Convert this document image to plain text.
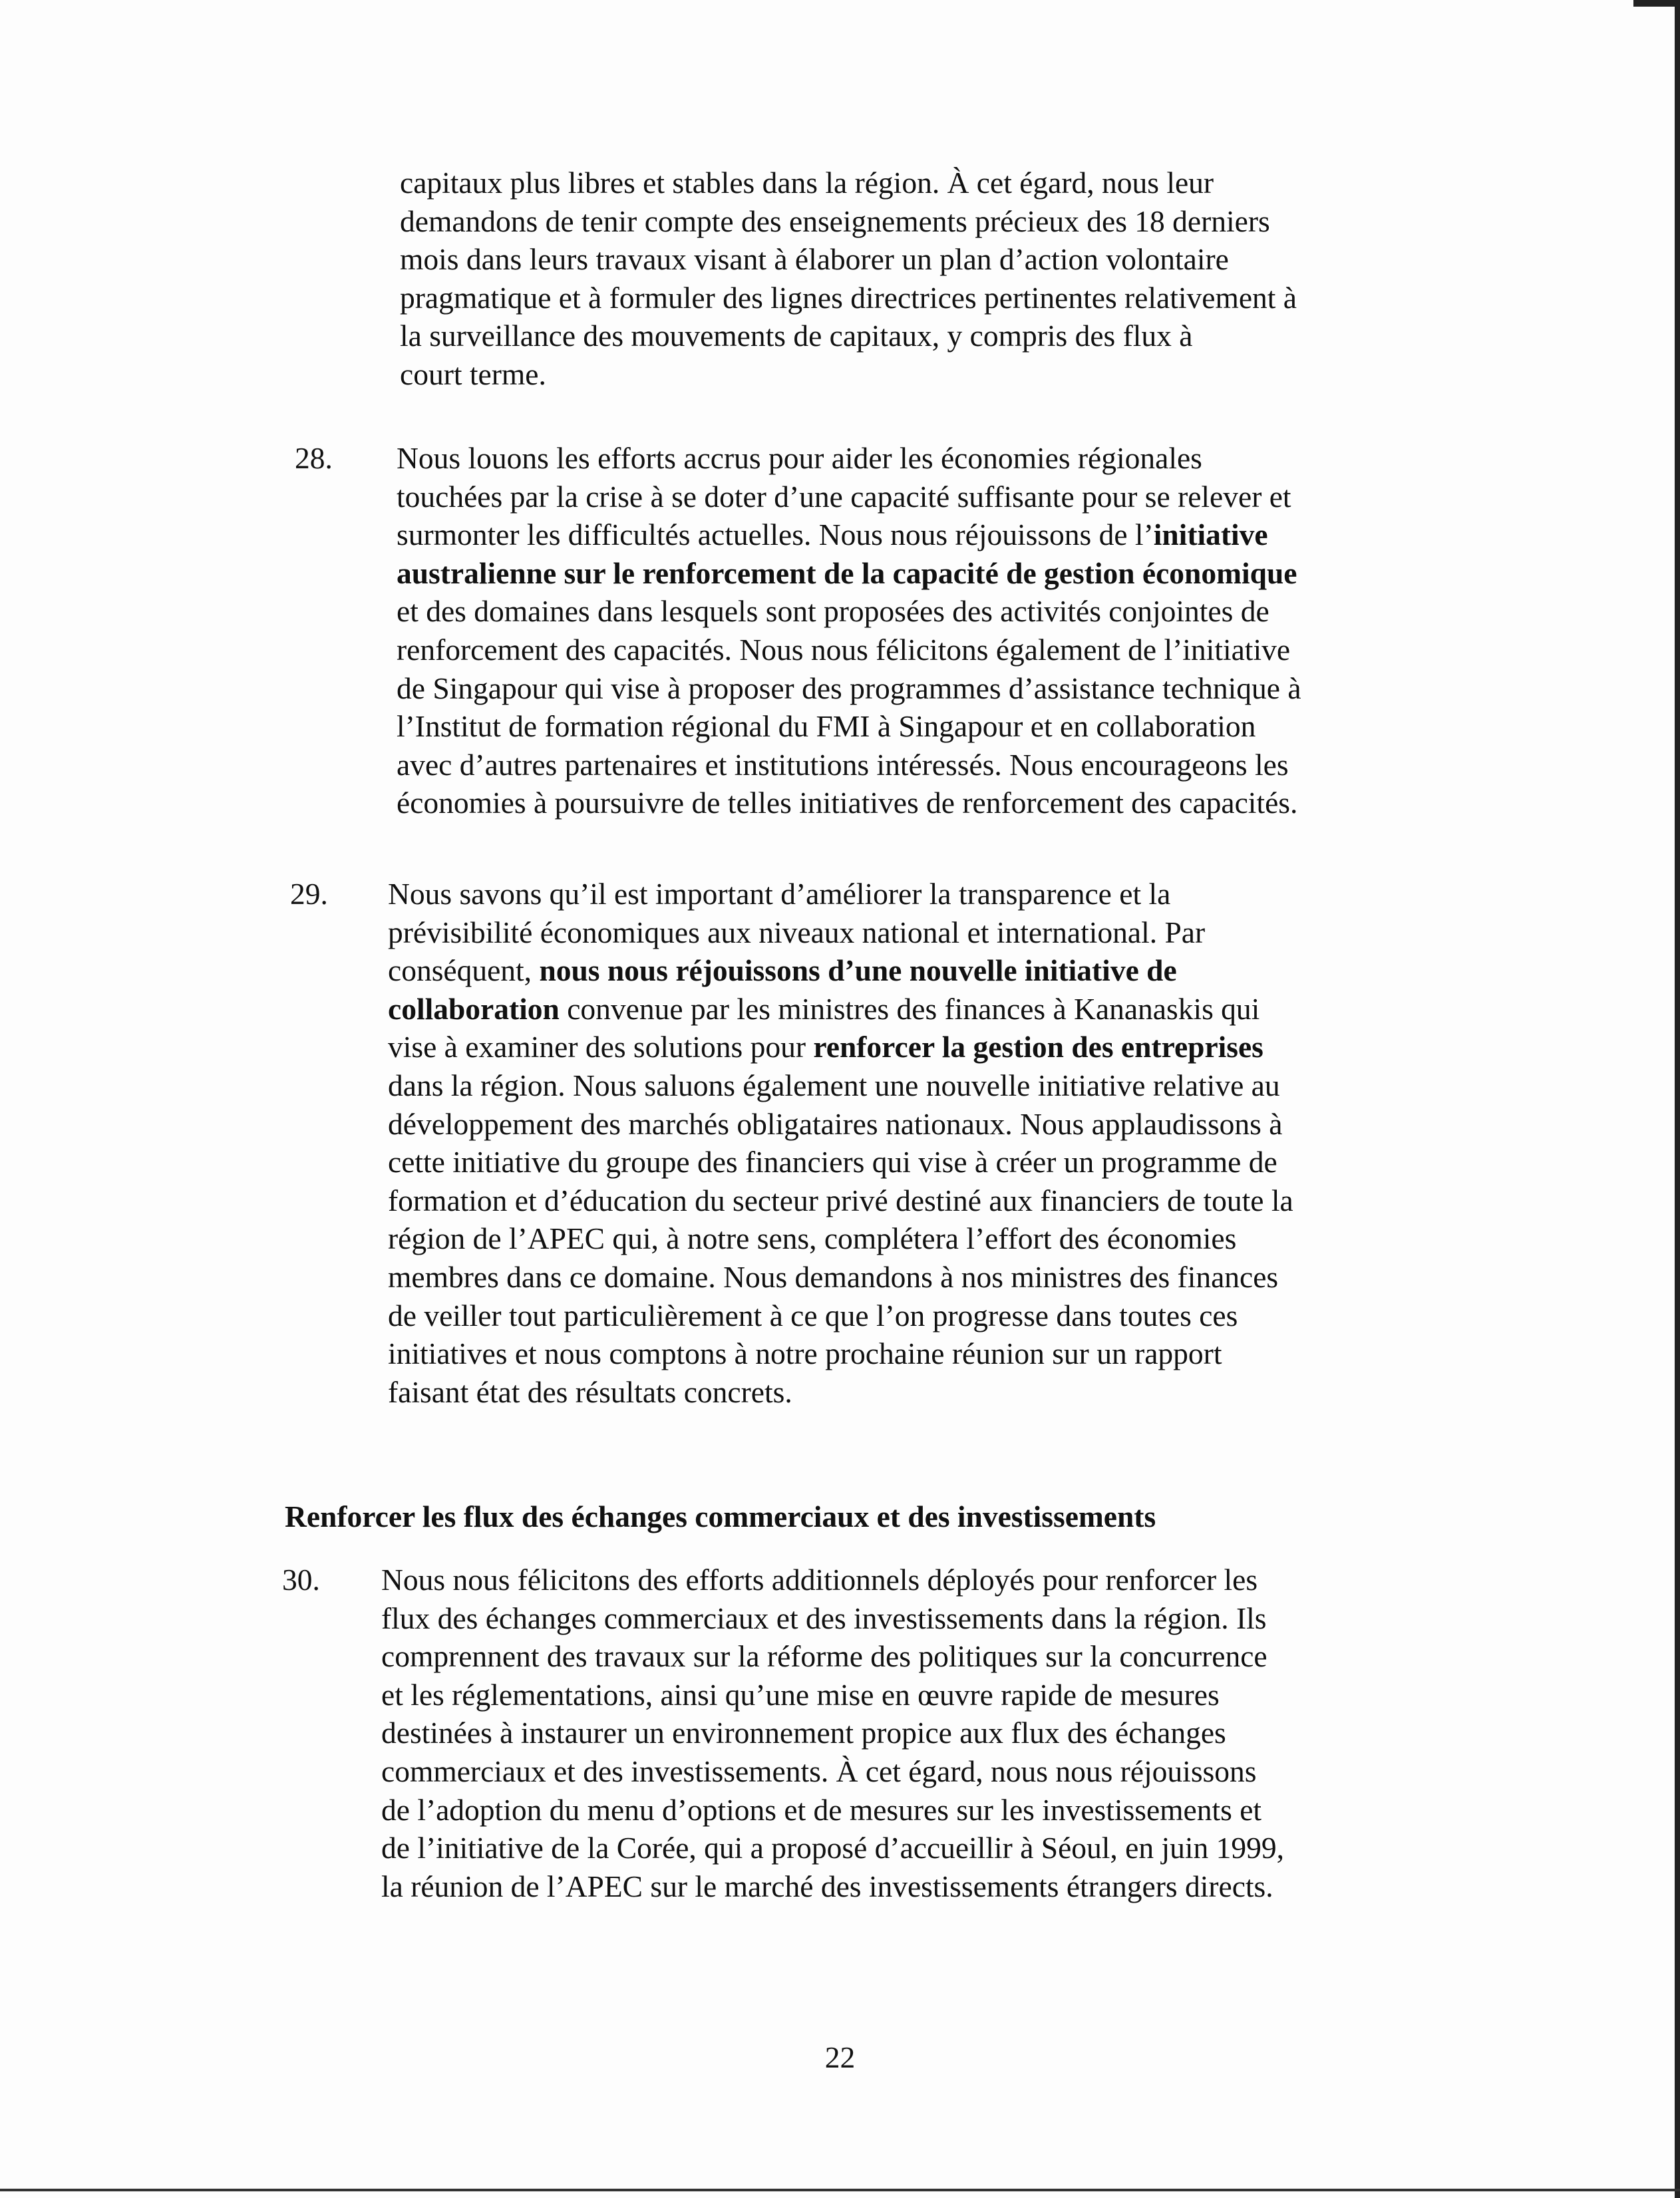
capitaux plus libres et stables dans la région. À cet égard, nous leur

demandons de tenir compte des enseignements précieux des 18 derniers

mois dans leurs travaux visant à élaborer un plan d’action volontaire

pragmatique et à formuler des lignes directrices pertinentes relativement à

la surveillance des mouvements de capitaux, y compris des flux à

court terme.

28. Nous louons les efforts accrus pour aider les économies régionales

touchées par la crise à se doter d’une capacité suffisante pour se relever et

surmonter les difficultés actuelles. Nous nous réjouissons de l’initiative

australienne sur le renforcement de la capacité de gestion économique

et des domaines dans lesquels sont proposées des activités conjointes de

renforcement des capacités. Nous nous félicitons également de l’initiative

de Singapour qui vise à proposer des programmes d’assistance technique à

l’Institut de formation régional du FMI à Singapour et en collaboration

avec d’autres partenaires et institutions intéressés. Nous encourageons les

économies à poursuivre de telles initiatives de renforcement des capacités.

29. Nous savons qu’il est important d’améliorer la transparence et la

prévisibilité économiques aux niveaux national et international. Par

conséquent, nous nous réjouissons d’une nouvelle initiative de

collaboration convenue par les ministres des finances à Kananaskis qui

vise à examiner des solutions pour renforcer la gestion des entreprises

dans la région. Nous saluons également une nouvelle initiative relative au

développement des marchés obligataires nationaux. Nous applaudissons à

cette initiative du groupe des financiers qui vise à créer un programme de

formation et d’éducation du secteur privé destiné aux financiers de toute la

région de l’APEC qui, à notre sens, complétera l’effort des économies

membres dans ce domaine. Nous demandons à nos ministres des finances

de veiller tout particulièrement à ce que l’on progresse dans toutes ces

initiatives et nous comptons à notre prochaine réunion sur un rapport

faisant état des résultats concrets.

Renforcer les flux des échanges commerciaux et des investissements
30. Nous nous félicitons des efforts additionnels déployés pour renforcer les

flux des échanges commerciaux et des investissements dans la région. Ils

comprennent des travaux sur la réforme des politiques sur la concurrence

et les réglementations, ainsi qu’une mise en œuvre rapide de mesures

destinées à instaurer un environnement propice aux flux des échanges

commerciaux et des investissements. À cet égard, nous nous réjouissons

de l’adoption du menu d’options et de mesures sur les investissements et

de l’initiative de la Corée, qui a proposé d’accueillir à Séoul, en juin 1999,

la réunion de l’APEC sur le marché des investissements étrangers directs.

22
